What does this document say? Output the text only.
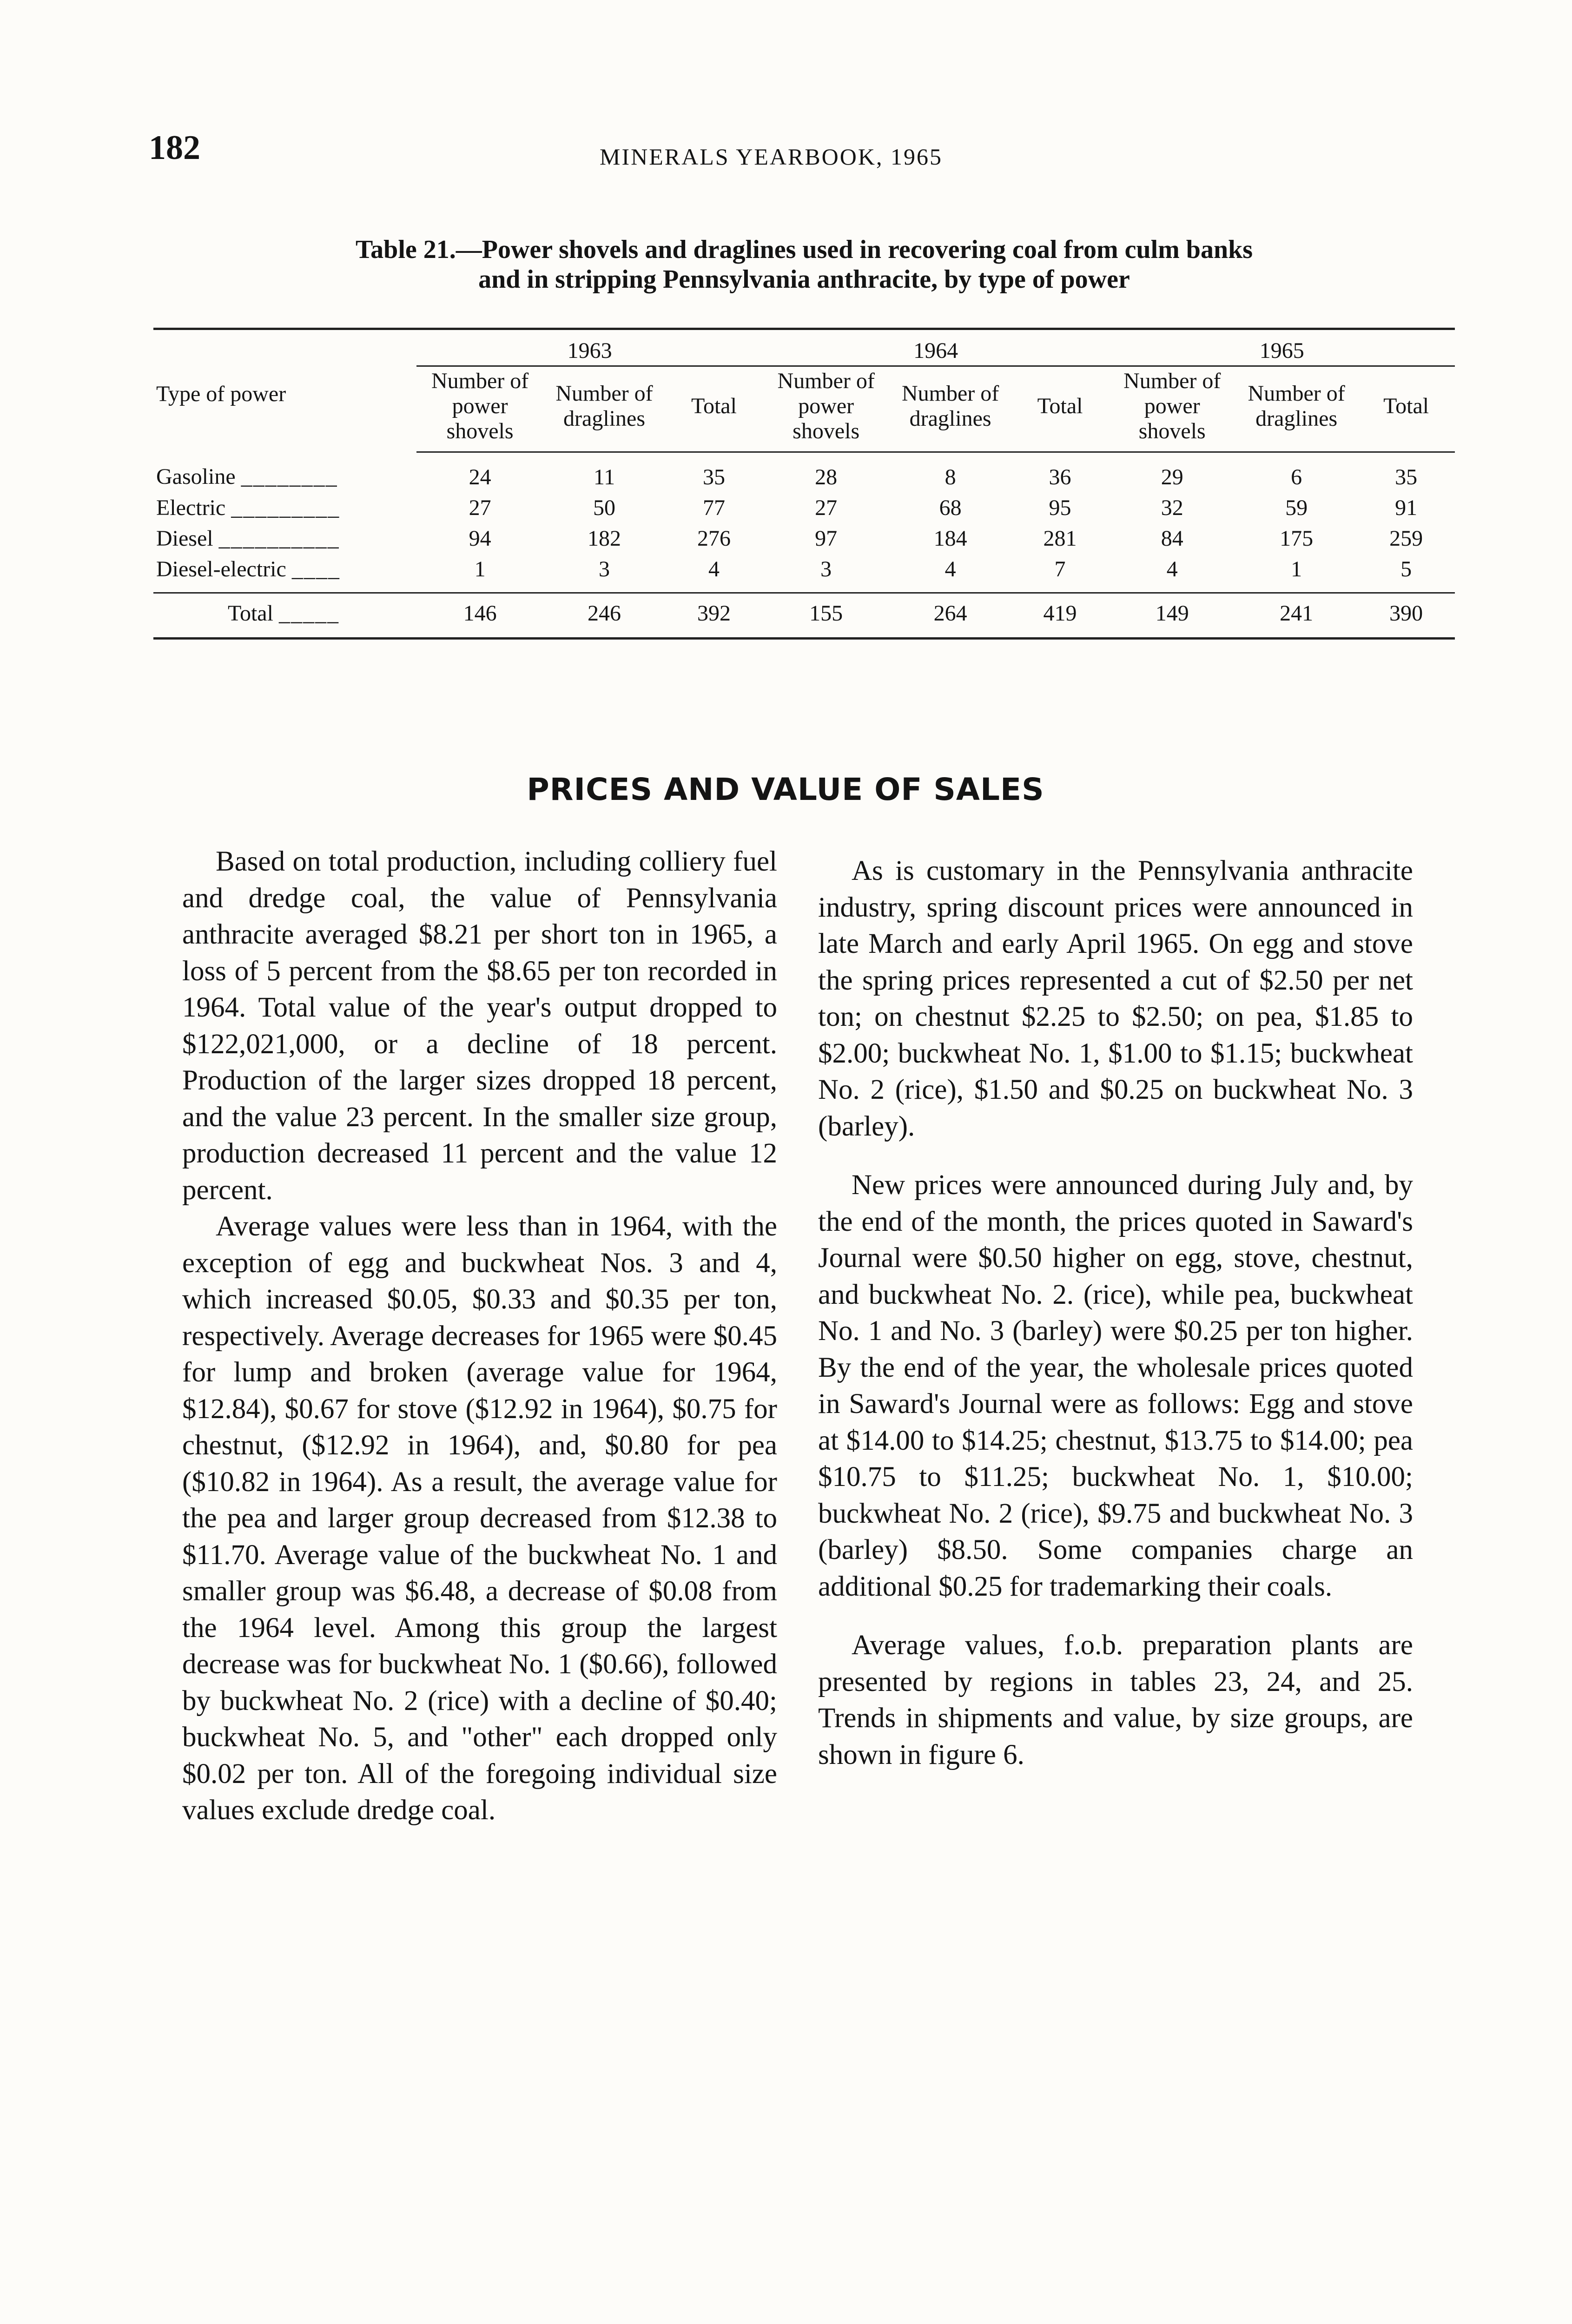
182	MINERALS YEARBOOK, 1965
Table 21.—Power shovels and draglines used in recovering coal from culm banks
and in stripping Pennsylvania anthracite, by type of power
Type of power	1963			1964			1965		
	Number of power shovels	Number of draglines	Total	Number of power shovels	Number of draglines	Total	Number of power shovels	Number of draglines	Total
Gasoline ________	24	11	35	28	8	36	29	6	35
Electric _________	27	50	77	27	68	95	32	59	91
Diesel __________	94	182	276	97	184	281	84	175	259
Diesel-electric ____	1	3	4	3	4	7	4	1	5
Total _____	146	246	392	155	264	419	149	241	390
PRICES AND VALUE OF SALES

Based on total production, including colliery fuel and dredge coal, the value of Pennsylvania anthracite averaged $8.21 per short ton in 1965, a loss of 5 percent from the $8.65 per ton recorded in 1964. Total value of the year's output dropped to $122,021,000, or a decline of 18 percent. Production of the larger sizes dropped 18 percent, and the value 23 percent. In the smaller size group, production decreased 11 percent and the value 12 percent.

Average values were less than in 1964, with the exception of egg and buckwheat Nos. 3 and 4, which increased $0.05, $0.33 and $0.35 per ton, respectively. Average decreases for 1965 were $0.45 for lump and broken (average value for 1964, $12.84), $0.67 for stove ($12.92 in 1964), $0.75 for chestnut, ($12.92 in 1964), and, $0.80 for pea ($10.82 in 1964). As a result, the average value for the pea and larger group decreased from $12.38 to $11.70. Average value of the buckwheat No. 1 and smaller group was $6.48, a decrease of $0.08 from the 1964 level. Among this group the largest decrease was for buckwheat No. 1 ($0.66), followed by buckwheat No. 2 (rice) with a decline of $0.40; buckwheat No. 5, and "other" each dropped only $0.02 per ton. All of the foregoing individual size values exclude dredge coal.

As is customary in the Pennsylvania anthracite industry, spring discount prices were announced in late March and early April 1965. On egg and stove the spring prices represented a cut of $2.50 per net ton; on chestnut $2.25 to $2.50; on pea, $1.85 to $2.00; buckwheat No. 1, $1.00 to $1.15; buckwheat No. 2 (rice), $1.50 and $0.25 on buckwheat No. 3 (barley).

New prices were announced during July and, by the end of the month, the prices quoted in Saward's Journal were $0.50 higher on egg, stove, chestnut, and buckwheat No. 2. (rice), while pea, buckwheat No. 1 and No. 3 (barley) were $0.25 per ton higher. By the end of the year, the wholesale prices quoted in Saward's Journal were as follows: Egg and stove at $14.00 to $14.25; chestnut, $13.75 to $14.00; pea $10.75 to $11.25; buckwheat No. 1, $10.00; buckwheat No. 2 (rice), $9.75 and buckwheat No. 3 (barley) $8.50. Some companies charge an additional $0.25 for trademarking their coals.

Average values, f.o.b. preparation plants are presented by regions in tables 23, 24, and 25. Trends in shipments and value, by size groups, are shown in figure 6.
